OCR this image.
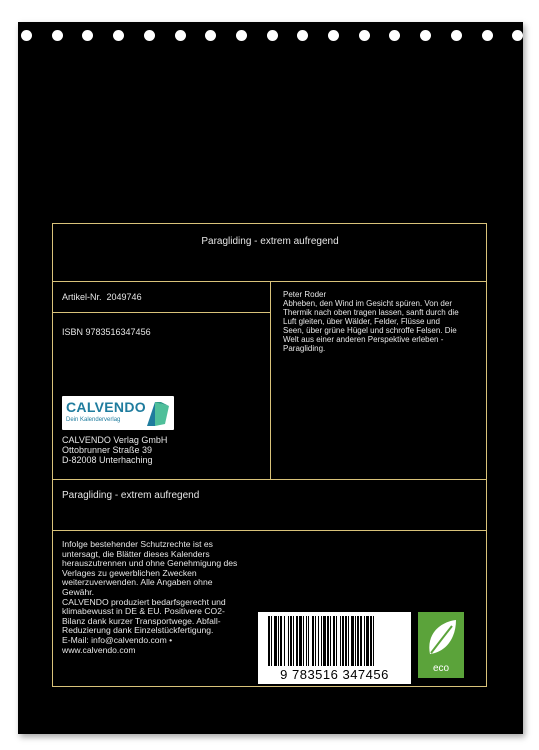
Paragliding - extrem aufregend
Artikel-Nr. 2049746
ISBN 9783516347456
Peter Roder
Abheben, den Wind im Gesicht spüren. Von der
Thermik nach oben tragen lassen, sanft durch die
Luft gleiten, über Wälder, Felder, Flüsse und
Seen, über grüne Hügel und schroffe Felsen. Die
Welt aus einer anderen Perspektive erleben -
Paragliding.
CALVENDO
Dein Kalenderverlag
CALVENDO Verlag GmbH
Ottobrunner Straße 39
D-82008 Unterhaching
Paragliding - extrem aufregend
Infolge bestehender Schutzrechte ist es
untersagt, die Blätter dieses Kalenders
herauszutrennen und ohne Genehmigung des
Verlages zu gewerblichen Zwecken
weiterzuverwenden. Alle Angaben ohne
Gewähr.
CALVENDO produziert bedarfsgerecht und
klimabewusst in DE & EU. Positivere CO2-
Bilanz dank kurzer Transportwege. Abfall-
Reduzierung dank Einzelstückfertigung.
E-Mail: info@calvendo.com •
www.calvendo.com
9 783516 347456	eco
